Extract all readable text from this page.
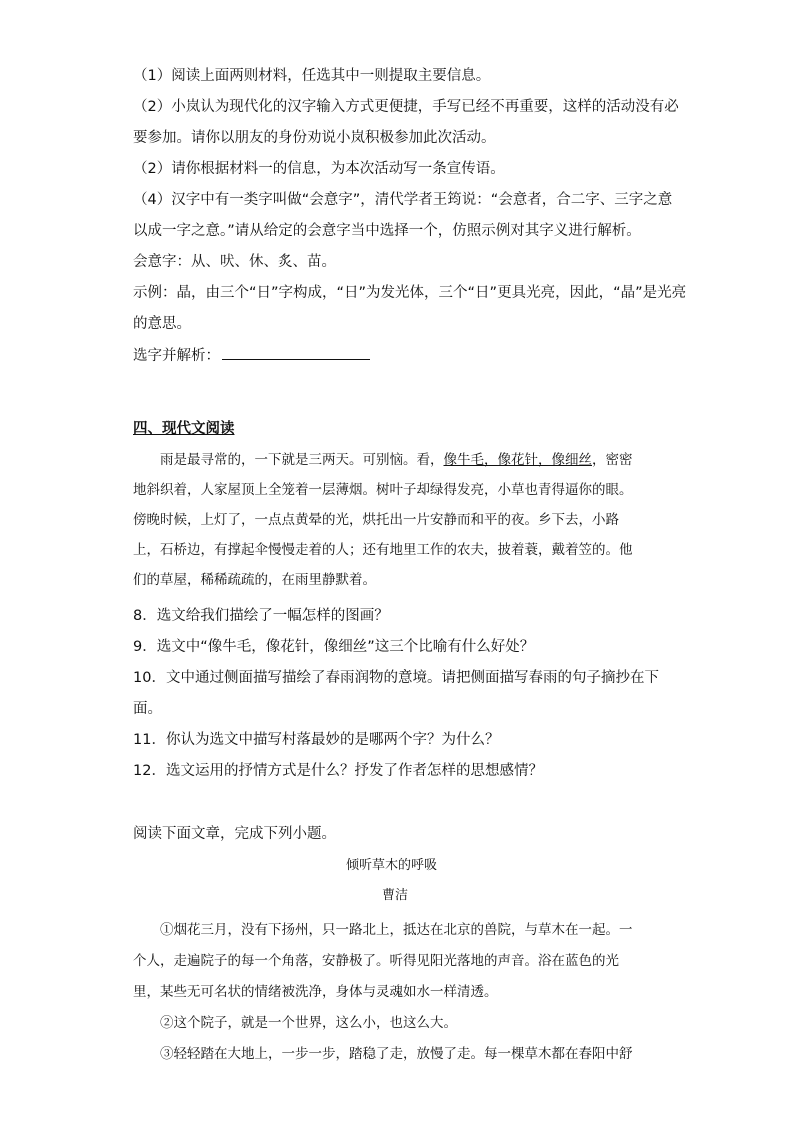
（1）阅读上面两则材料，任选其中一则提取主要信息。
（2）小岚认为现代化的汉字输入方式更便捷，手写已经不再重要，这样的活动没有必
要参加。请你以朋友的身份劝说小岚积极参加此次活动。
（2）请你根据材料一的信息，为本次活动写一条宣传语。
（4）汉字中有一类字叫做“会意字”，清代学者王筠说：“会意者，合二字、三字之意
以成一字之意。”请从给定的会意字当中选择一个，仿照示例对其字义进行解析。
会意字：从、吠、休、炙、苗。
示例：晶，由三个“日”字构成，“日”为发光体，三个“日”更具光亮，因此，“晶”是光亮
的意思。
选字并解析：
四、现代文阅读
雨是最寻常的，一下就是三两天。可别恼。看，像牛毛，像花针，像细丝，密密
地斜织着，人家屋顶上全笼着一层薄烟。树叶子却绿得发亮，小草也青得逼你的眼。
傍晚时候，上灯了，一点点黄晕的光，烘托出一片安静而和平的夜。乡下去，小路
上，石桥边，有撑起伞慢慢走着的人；还有地里工作的农夫，披着蓑，戴着笠的。他
们的草屋，稀稀疏疏的，在雨里静默着。
8．选文给我们描绘了一幅怎样的图画？
9．选文中“像牛毛，像花针，像细丝”这三个比喻有什么好处？
10．文中通过侧面描写描绘了春雨润物的意境。请把侧面描写春雨的句子摘抄在下
面。
11．你认为选文中描写村落最妙的是哪两个字？为什么？
12．选文运用的抒情方式是什么？抒发了作者怎样的思想感情？
阅读下面文章，完成下列小题。
倾听草木的呼吸
曹洁
①烟花三月，没有下扬州，只一路北上，抵达在北京的兽院，与草木在一起。一
个人，走遍院子的每一个角落，安静极了。听得见阳光落地的声音。浴在蓝色的光
里，某些无可名状的情绪被洗净，身体与灵魂如水一样清透。
②这个院子，就是一个世界，这么小，也这么大。
③轻轻踏在大地上，一步一步，踏稳了走，放慢了走。每一棵草木都在春阳中舒
